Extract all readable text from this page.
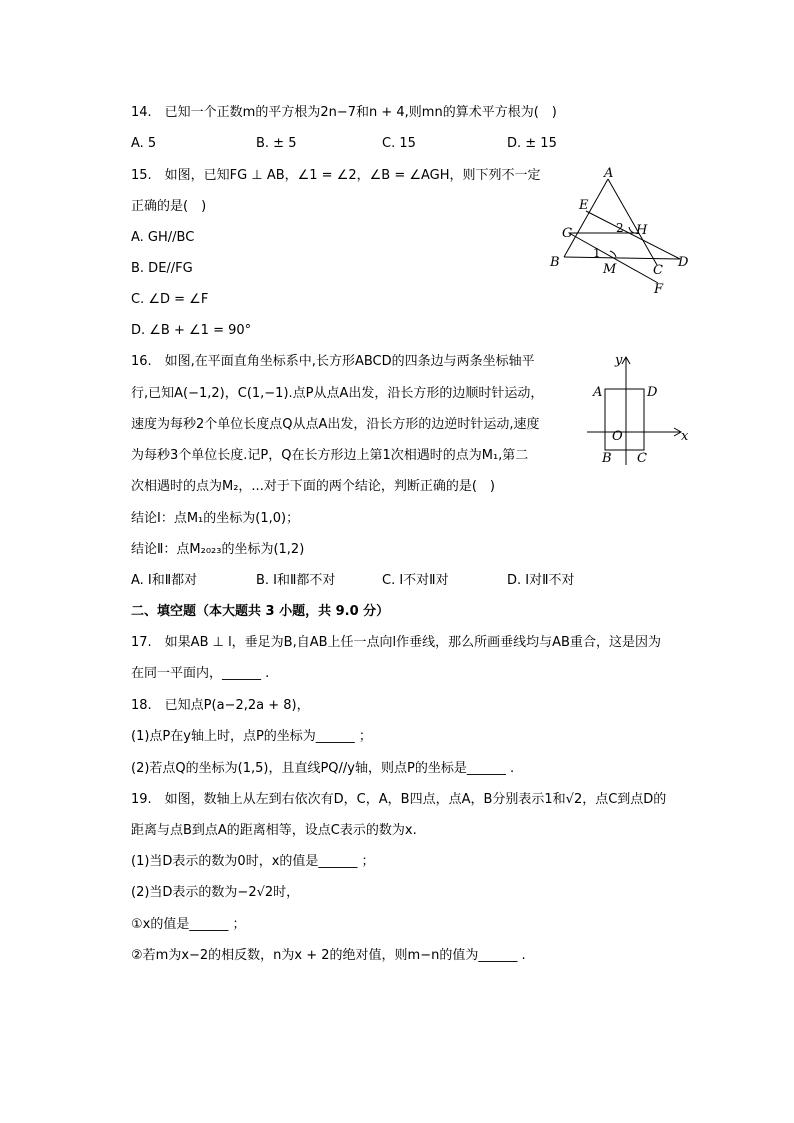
14.　已知一个正数m的平方根为2n−7和n + 4,则mn的算术平方根为(　)
A. 5	B. ± 5	C. 15	D. ± 15
15.　如图，已知FG ⊥ AB，∠1 = ∠2，∠B = ∠AGH，则下列不一定
正确的是(　)
A. GH//BC
B. DE//FG
C. ∠D = ∠F
D. ∠B + ∠1 = 90°
A
E
G	2 H
B
1
M	C
D
F
16.　如图,在平面直角坐标系中,长方形ABCD的四条边与两条坐标轴平
行,已知A(−1,2)，C(1,−1).点P从点A出发，沿长方形的边顺时针运动，
速度为每秒2个单位长度点Q从点A出发，沿长方形的边逆时针运动,速度
为每秒3个单位长度.记P，Q在长方形边上第1次相遇时的点为M₁,第二
次相遇时的点为M₂，...对于下面的两个结论，判断正确的是(　)
结论Ⅰ：点M₁的坐标为(1,0)；
结论Ⅱ：点M₂₀₂₃的坐标为(1,2)
A. Ⅰ和Ⅱ都对	B. Ⅰ和Ⅱ都不对	C. Ⅰ不对Ⅱ对	D. Ⅰ对Ⅱ不对
y
x
A	D
O
B C
二、填空题（本大题共 3 小题，共 9.0 分）
17.　如果AB ⊥ l，垂足为B,自AB上任一点向l作垂线，那么所画垂线均与AB重合，这是因为
在同一平面内，______ .
18.　已知点P(a−2,2a + 8)，
(1)点P在y轴上时，点P的坐标为______ ；
(2)若点Q的坐标为(1,5)，且直线PQ//y轴，则点P的坐标是______ .
19.　如图，数轴上从左到右依次有D，C，A，B四点，点A，B分别表示1和√2，点C到点D的
距离与点B到点A的距离相等，设点C表示的数为x.
(1)当D表示的数为0时，x的值是______ ；
(2)当D表示的数为−2√2时，
①x的值是______ ；
②若m为x−2的相反数，n为x + 2的绝对值，则m−n的值为______ .
